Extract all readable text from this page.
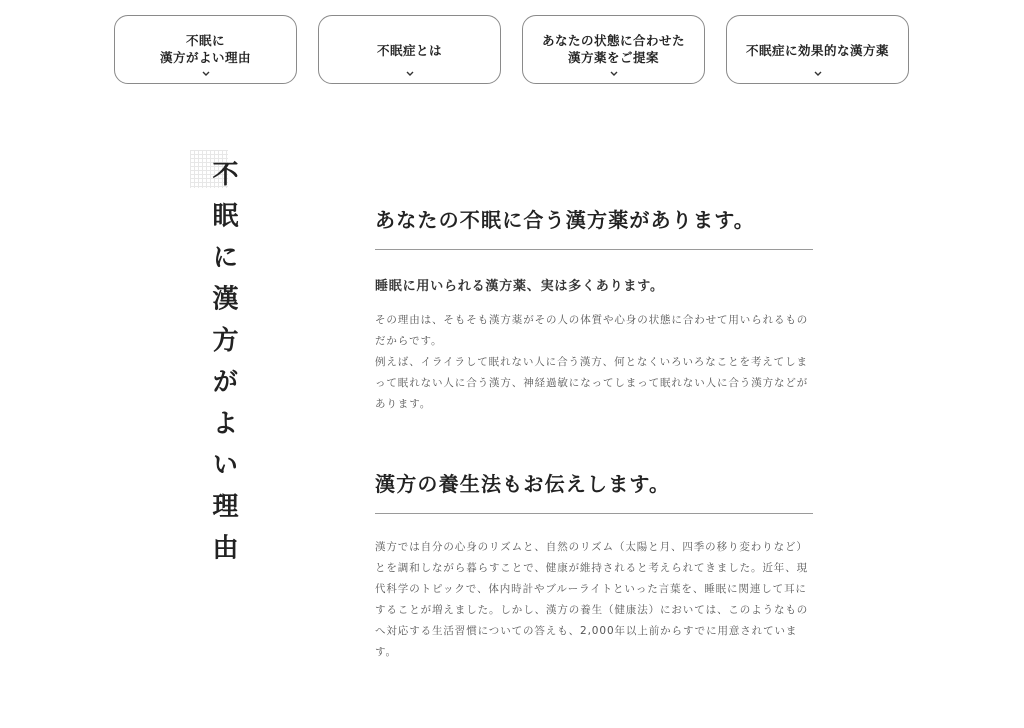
不眠に
漢方がよい理由	不眠症とは
あなたの状態に合わせた
漢方薬をご提案	不眠症に効果的な漢方薬
不眠に漢方がよい理由	あなたの不眠に合う漢方薬があります。
睡眠に用いられる漢方薬、実は多くあります。

その理由は、そもそも漢方薬がその人の体質や心身の状態に合わせて用いられるものだからです。

例えば、イライラして眠れない人に合う漢方、何となくいろいろなことを考えてしまって眠れない人に合う漢方、神経過敏になってしまって眠れない人に合う漢方などがあります。

漢方の養生法もお伝えします。

漢方では自分の心身のリズムと、自然のリズム（太陽と月、四季の移り変わりなど）とを調和しながら暮らすことで、健康が維持されると考えられてきました。近年、現代科学のトピックで、体内時計やブルーライトといった言葉を、睡眠に関連して耳にすることが増えました。しかし、漢方の養生（健康法）においては、このようなものへ対応する生活習慣についての答えも、2,000年以上前からすでに用意されています。
